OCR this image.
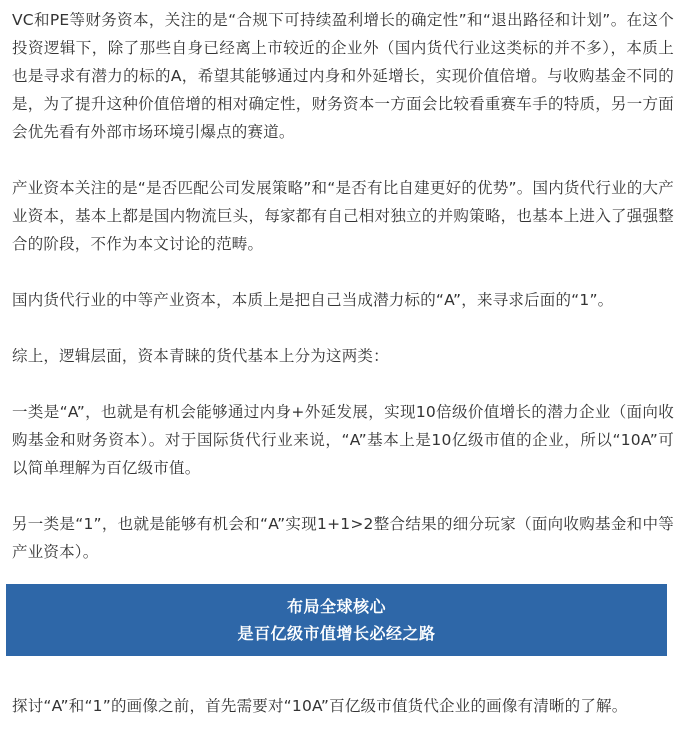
VC和PE等财务资本，关注的是“合规下可持续盈利增长的确定性”和“退出路径和计划”。在这个投资逻辑下，除了那些自身已经离上市较近的企业外（国内货代行业这类标的并不多），本质上也是寻求有潜力的标的A，希望其能够通过内身和外延增长，实现价值倍增。与收购基金不同的是，为了提升这种价值倍增的相对确定性，财务资本一方面会比较看重赛车手的特质，另一方面会优先看有外部市场环境引爆点的赛道。

产业资本关注的是“是否匹配公司发展策略”和“是否有比自建更好的优势”。国内货代行业的大产业资本，基本上都是国内物流巨头，每家都有自己相对独立的并购策略，也基本上进入了强强整合的阶段，不作为本文讨论的范畴。

国内货代行业的中等产业资本，本质上是把自己当成潜力标的“A”，来寻求后面的“1”。

综上，逻辑层面，资本青睐的货代基本上分为这两类：

一类是“A”，也就是有机会能够通过内身+外延发展，实现10倍级价值增长的潜力企业（面向收购基金和财务资本）。对于国际货代行业来说，“A”基本上是10亿级市值的企业，所以“10A”可以简单理解为百亿级市值。

另一类是“1”，也就是能够有机会和“A”实现1+1>2整合结果的细分玩家（面向收购基金和中等产业资本）。

布局全球核心
是百亿级市值增长必经之路

探讨“A”和“1”的画像之前，首先需要对“10A”百亿级市值货代企业的画像有清晰的了解。
